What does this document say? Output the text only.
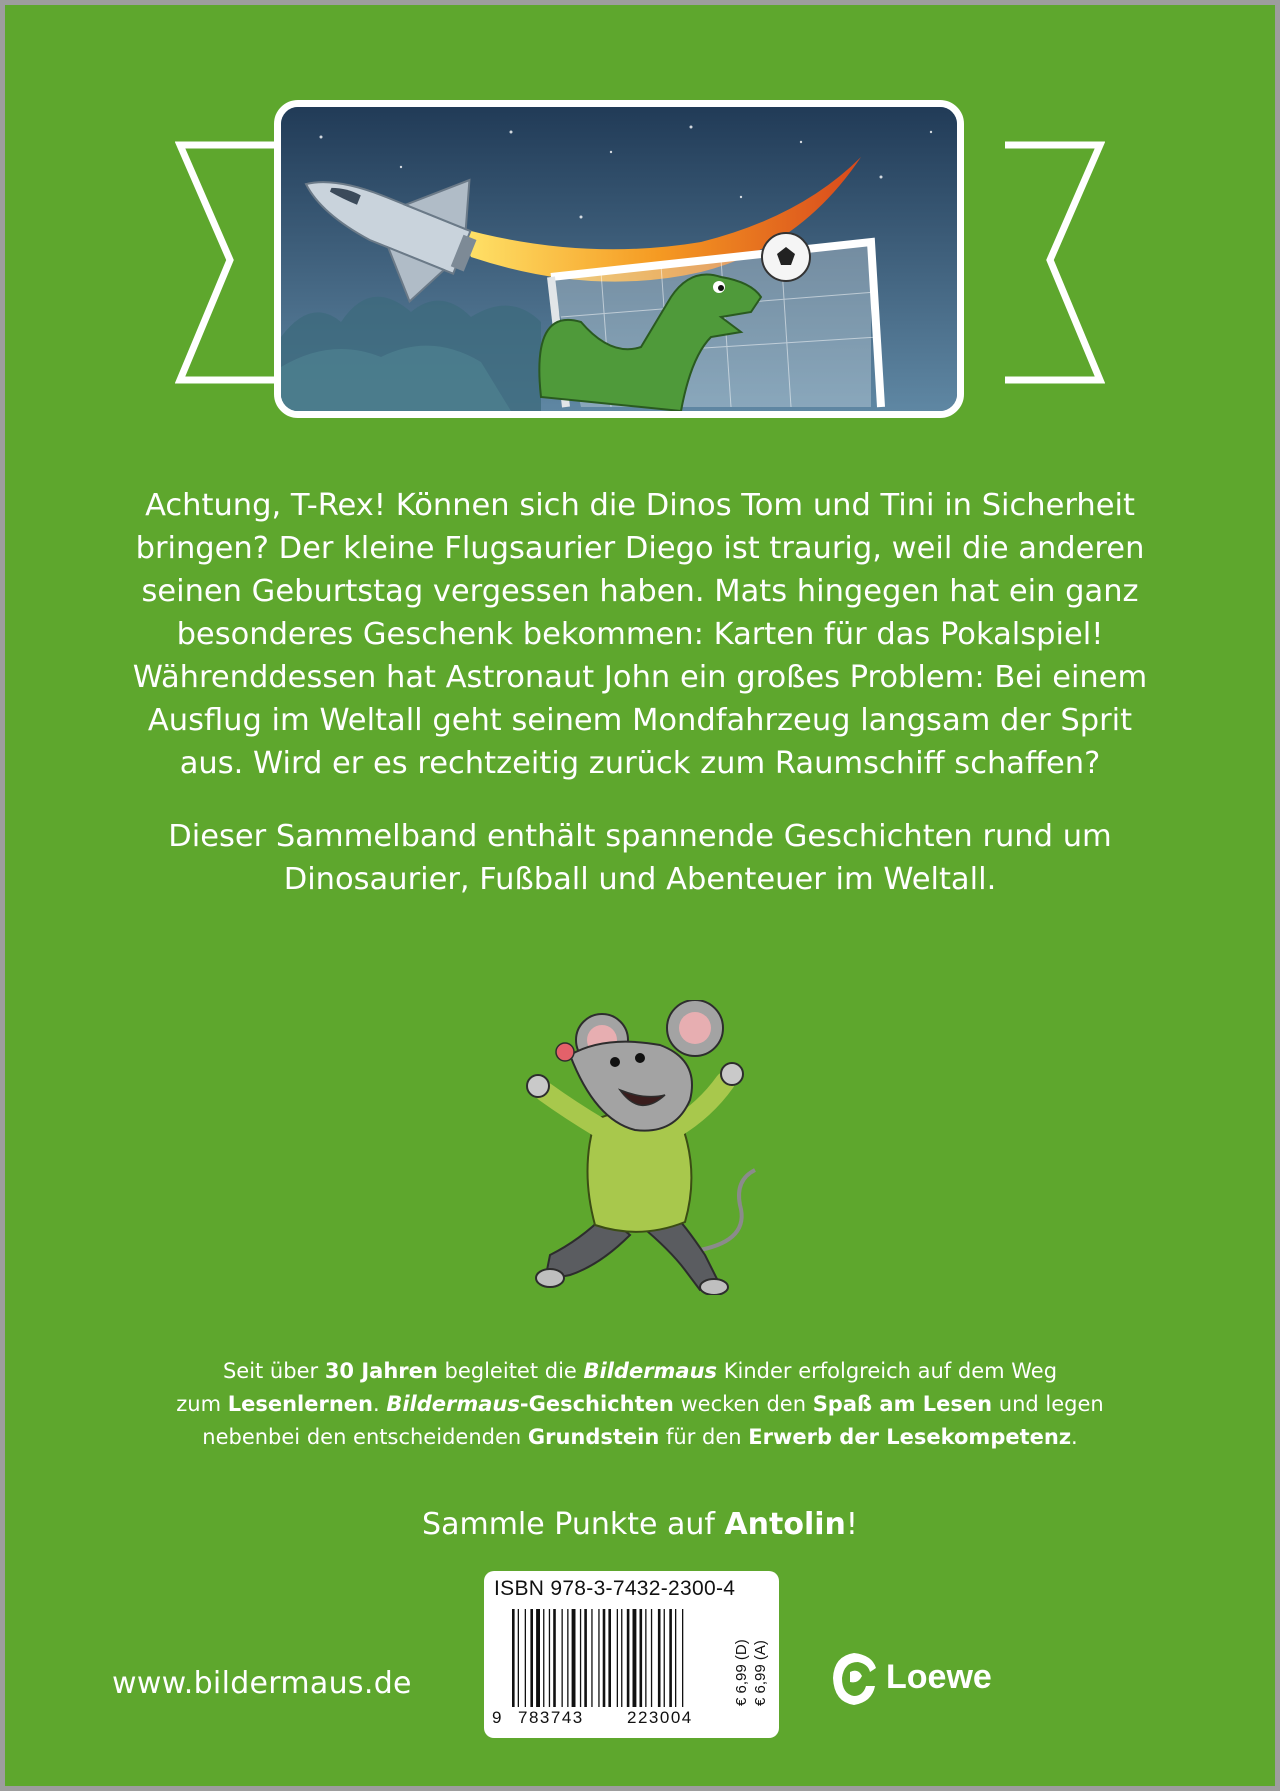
Achtung, T-Rex! Können sich die Dinos Tom und Tini in Sicherheit
bringen? Der kleine Flugsaurier Diego ist traurig, weil die anderen
seinen Geburtstag vergessen haben. Mats hingegen hat ein ganz
besonderes Geschenk bekommen: Karten für das Pokalspiel!
Währenddessen hat Astronaut John ein großes Problem: Bei einem
Ausflug im Weltall geht seinem Mondfahrzeug langsam der Sprit
aus. Wird er es rechtzeitig zurück zum Raumschiff schaffen?

Dieser Sammelband enthält spannende Geschichten rund um
Dinosaurier, Fußball und Abenteuer im Weltall.

Seit über 30 Jahren begleitet die Bildermaus Kinder erfolgreich auf dem Weg
zum Lesenlernen. Bildermaus-Geschichten wecken den Spaß am Lesen und legen
nebenbei den entscheidenden Grundstein für den Erwerb der Lesekompetenz.
Sammle Punkte auf Antolin!
ISBN 978-3-7432-2300-4
9 783743	223004
€ 6,99 (D) € 6,99 (A)
www.bildermaus.de	Loewe
